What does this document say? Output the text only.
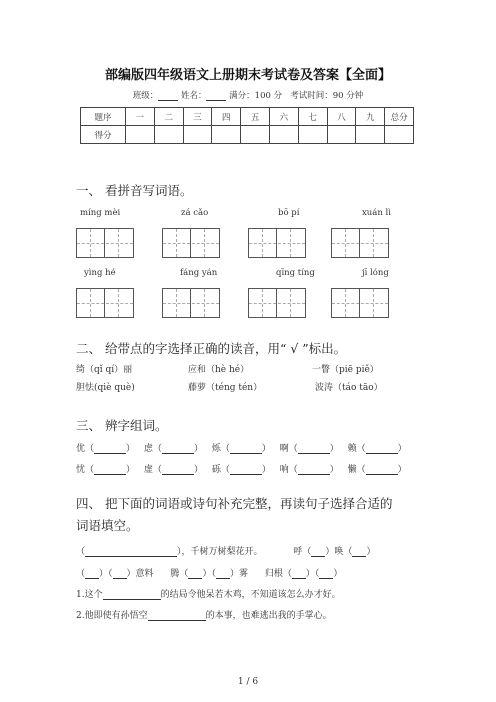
部编版四年级语文上册期末考试卷及答案【全面】
班级：	姓名：	满分：100 分 考试时间：90 分钟
题序	一	二	三	四	五	六	七	八	九	总分
得分										
一、 看拼音写词语。
míng mèi	zá cǎo	bō pí	xuán lì
yìng hé	fáng yán	qīng tíng	jī lóng
二、 给带点的字选择正确的读音，用“ √ ”标出。
绮（qǐ qí）丽	应和（hè hé）	一瞥（piē piě）
胆怯(qiè què)	藤萝（téng tén）	波涛（táo tāo）
三、 辨字组词。
优（	） 虑（	） 烁（	） 啊（	） 赖（	）
忧（	） 虚（	） 砾（	） 响（	） 懒（	）
四、 把下面的词语或诗句补充完整，再读句子选择合适的
词语填空。
（	），千树万树梨花开。	呼（ ）唤（ ）
（ ）（ ）意料 腾（ ）（ ）雾 归根（ ）（ ）
1.这个	的结局令他呆若木鸡，不知道该怎么办才好。
2.他即使有孙悟空	的本事，也难逃出我的手掌心。
1 / 6
